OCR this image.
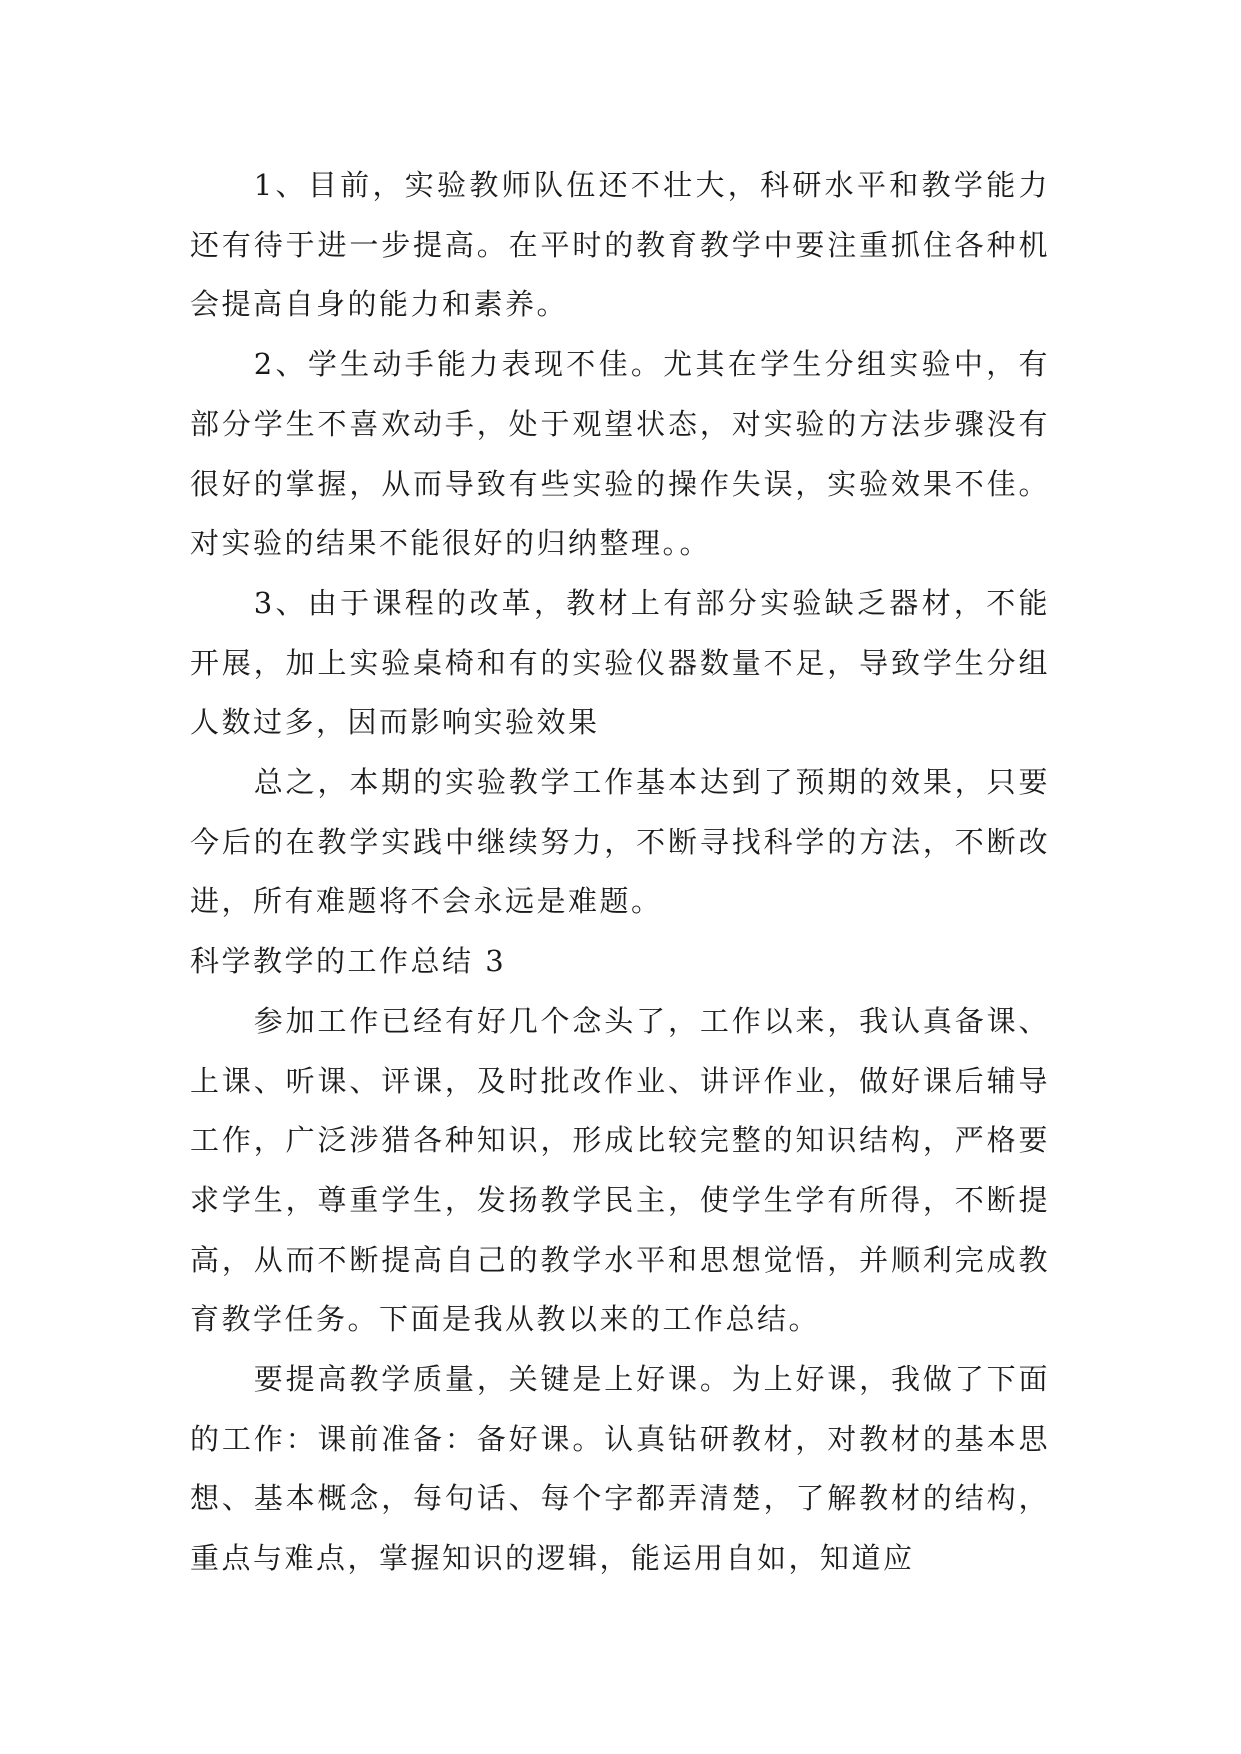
1、目前，实验教师队伍还不壮大，科研水平和教学能力还有待于进一步提高。在平时的教育教学中要注重抓住各种机会提高自身的能力和素养。

2、学生动手能力表现不佳。尤其在学生分组实验中，有部分学生不喜欢动手，处于观望状态，对实验的方法步骤没有很好的掌握，从而导致有些实验的操作失误，实验效果不佳。对实验的结果不能很好的归纳整理。。

3、由于课程的改革，教材上有部分实验缺乏器材，不能开展，加上实验桌椅和有的实验仪器数量不足，导致学生分组人数过多，因而影响实验效果

总之，本期的实验教学工作基本达到了预期的效果，只要今后的在教学实践中继续努力，不断寻找科学的方法，不断改进，所有难题将不会永远是难题。

科学教学的工作总结 3

参加工作已经有好几个念头了，工作以来，我认真备课、上课、听课、评课，及时批改作业、讲评作业，做好课后辅导工作，广泛涉猎各种知识，形成比较完整的知识结构，严格要求学生，尊重学生，发扬教学民主，使学生学有所得，不断提高，从而不断提高自己的教学水平和思想觉悟，并顺利完成教育教学任务。下面是我从教以来的工作总结。

要提高教学质量，关键是上好课。为上好课，我做了下面的工作：课前准备：备好课。认真钻研教材，对教材的基本思想、基本概念，每句话、每个字都弄清楚，了解教材的结构，重点与难点，掌握知识的逻辑，能运用自如，知道应
